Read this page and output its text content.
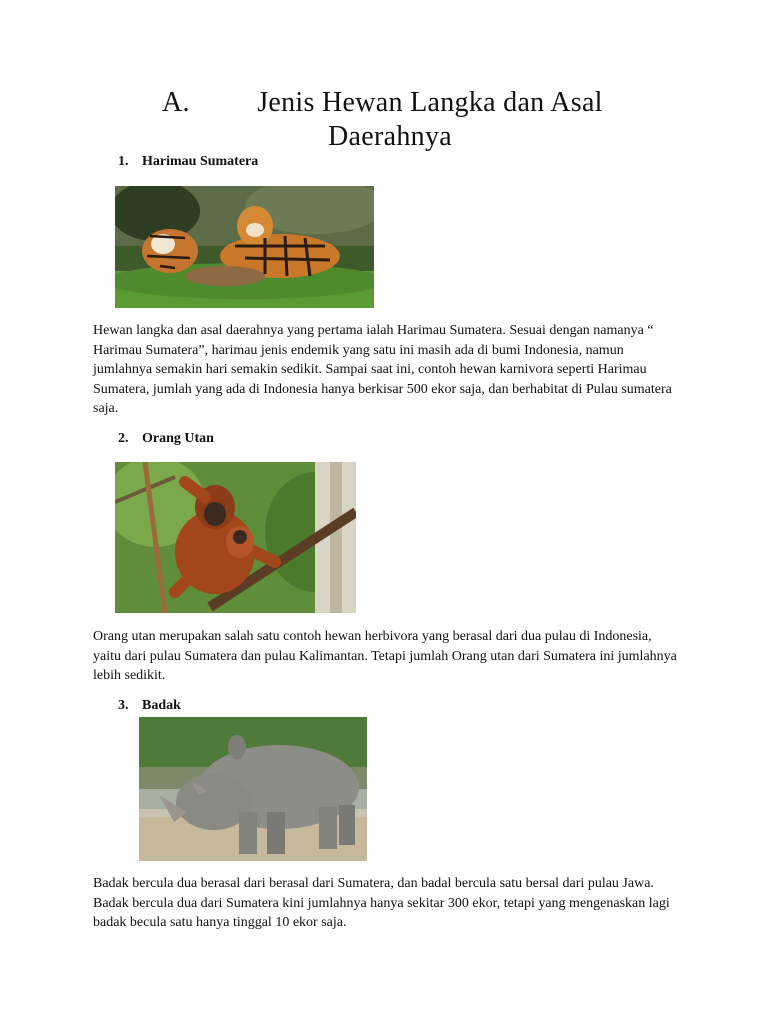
A.	Jenis Hewan Langka dan Asal
Daerahnya
1. Harimau Sumatera

Hewan langka dan asal daerahnya yang pertama ialah Harimau Sumatera. Sesuai dengan namanya “ Harimau Sumatera”, harimau jenis endemik yang satu ini masih ada di bumi Indonesia, namun jumlahnya semakin hari semakin sedikit. Sampai saat ini, contoh hewan karnivora seperti Harimau Sumatera, jumlah yang ada di Indonesia hanya berkisar 500 ekor saja, dan berhabitat di Pulau sumatera saja.

2. Orang Utan

Orang utan merupakan salah satu contoh hewan herbivora yang berasal dari dua pulau di Indonesia, yaitu dari pulau Sumatera dan pulau Kalimantan. Tetapi jumlah Orang utan dari Sumatera ini jumlahnya lebih sedikit.

3. Badak

Badak bercula dua berasal dari berasal dari Sumatera, dan badal bercula satu bersal dari pulau Jawa. Badak bercula dua dari Sumatera kini jumlahnya hanya sekitar 300 ekor, tetapi yang mengenaskan lagi badak becula satu hanya tinggal 10 ekor saja.
